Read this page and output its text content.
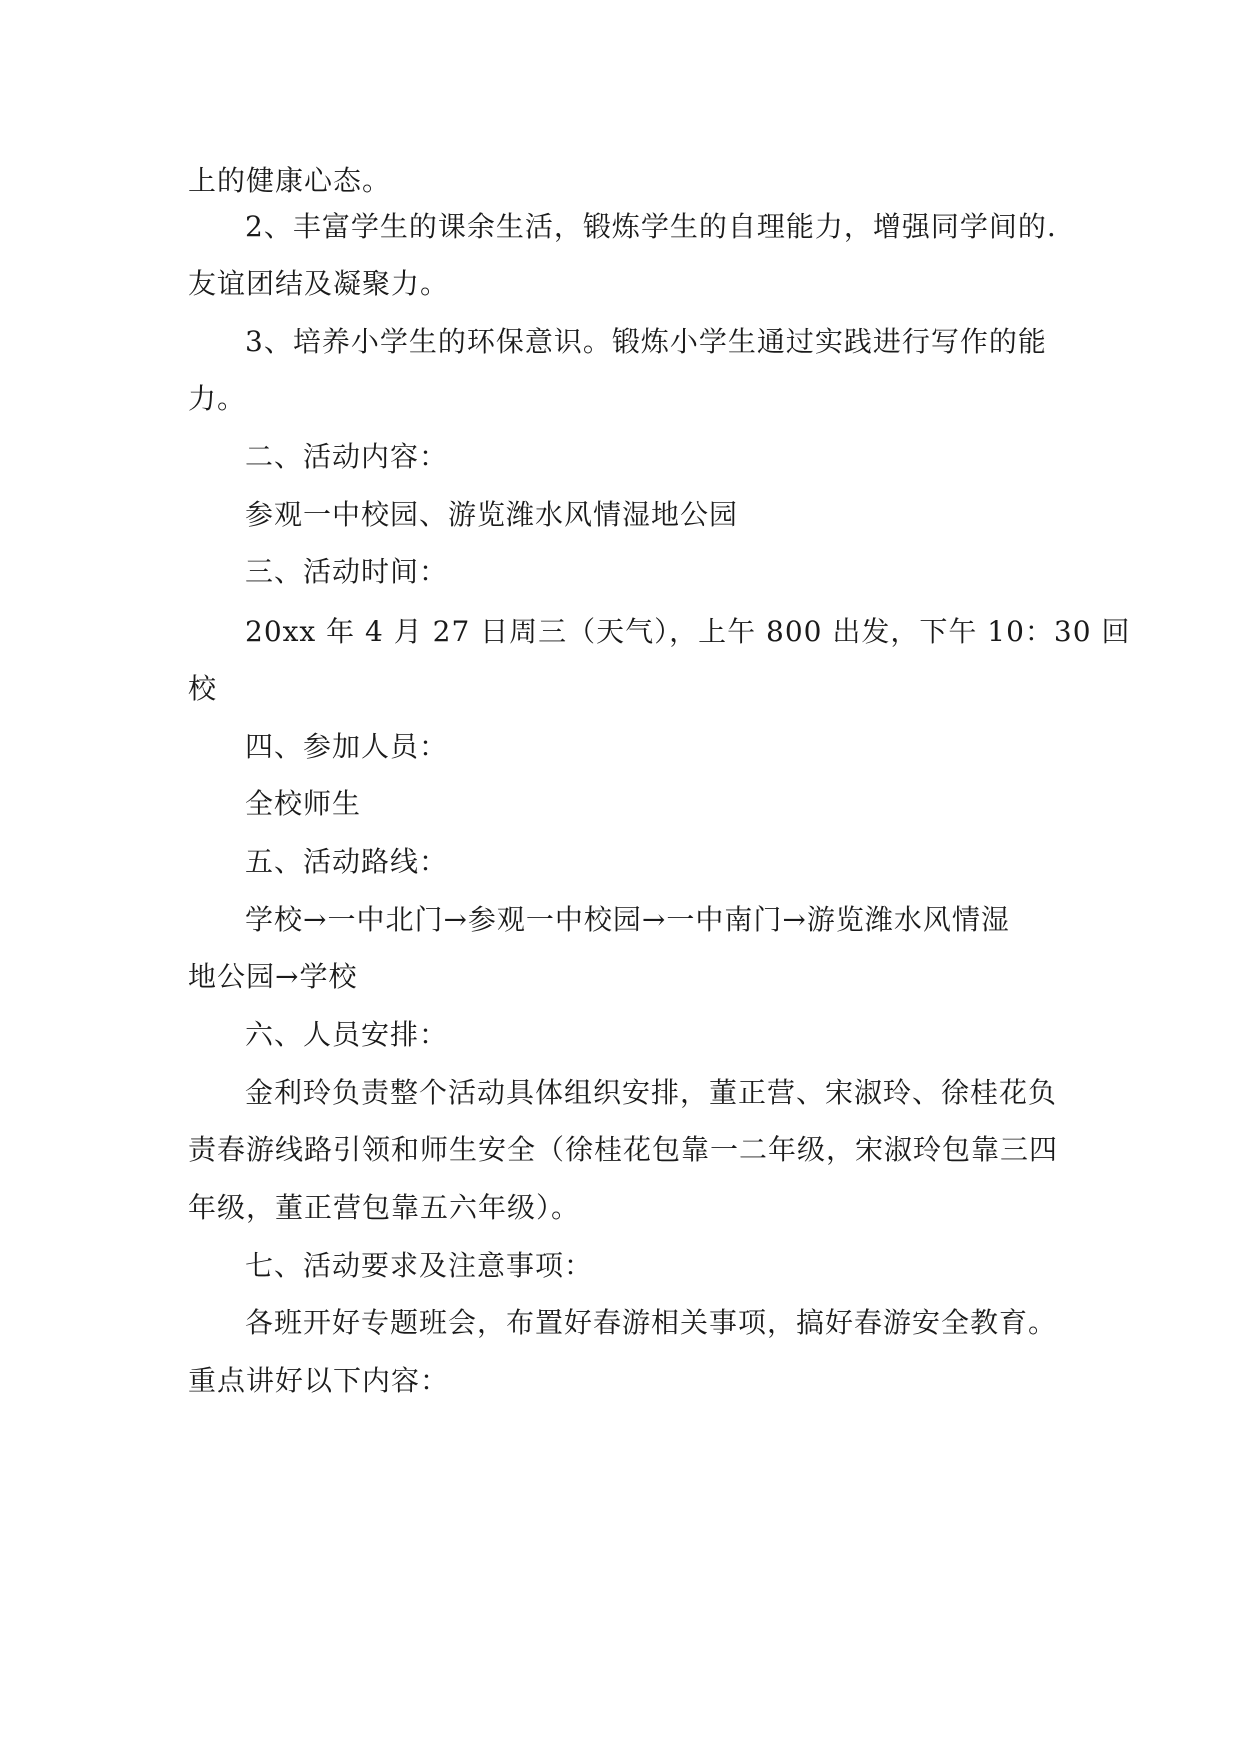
上的健康心态。
2、丰富学生的课余生活，锻炼学生的自理能力，增强同学间的.
友谊团结及凝聚力。
3、培养小学生的环保意识。锻炼小学生通过实践进行写作的能
力。
二、活动内容：
参观一中校园、游览潍水风情湿地公园
三、活动时间：
20xx 年 4 月 27 日周三（天气），上午 800 出发，下午 10：30 回
校
四、参加人员：
全校师生
五、活动路线：
学校→一中北门→参观一中校园→一中南门→游览潍水风情湿
地公园→学校
六、人员安排：
金利玲负责整个活动具体组织安排，董正营、宋淑玲、徐桂花负
责春游线路引领和师生安全（徐桂花包靠一二年级，宋淑玲包靠三四
年级，董正营包靠五六年级）。
七、活动要求及注意事项：
各班开好专题班会，布置好春游相关事项，搞好春游安全教育。
重点讲好以下内容：
